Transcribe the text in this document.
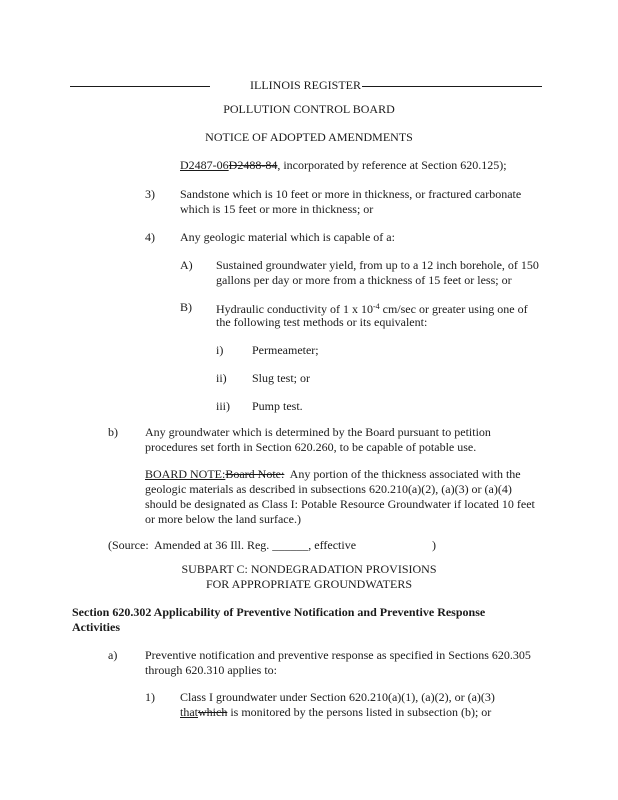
ILLINOIS REGISTER
POLLUTION CONTROL BOARD
NOTICE OF ADOPTED AMENDMENTS
D2487-06D2488-84, incorporated by reference at Section 620.125);
3) Sandstone which is 10 feet or more in thickness, or fractured carbonate
which is 15 feet or more in thickness; or
4) Any geologic material which is capable of a:
A) Sustained groundwater yield, from up to a 12 inch borehole, of 150
gallons per day or more from a thickness of 15 feet or less; or
B) Hydraulic conductivity of 1 x $10^{-4}$ cm/sec or greater using one of
the following test methods or its equivalent:
i) Permeameter;
ii) Slug test; or
iii) Pump test.
b) Any groundwater which is determined by the Board pursuant to petition
procedures set forth in Section 620.260, to be capable of potable use.
BOARD NOTE:Board Note:  Any portion of the thickness associated with the
geologic materials as described in subsections 620.210(a)(2), (a)(3) or (a)(4)
should be designated as Class I: Potable Resource Groundwater if located 10 feet
or more below the land surface.)
(Source:  Amended at 36 Ill. Reg. ______, effective	)
SUBPART C: NONDEGRADATION PROVISIONS
FOR APPROPRIATE GROUNDWATERS
Section 620.302 Applicability of Preventive Notification and Preventive Response
Activities
a) Preventive notification and preventive response as specified in Sections 620.305
through 620.310 applies to:
1) Class I groundwater under Section 620.210(a)(1), (a)(2), or (a)(3)
thatwhich is monitored by the persons listed in subsection (b); or
